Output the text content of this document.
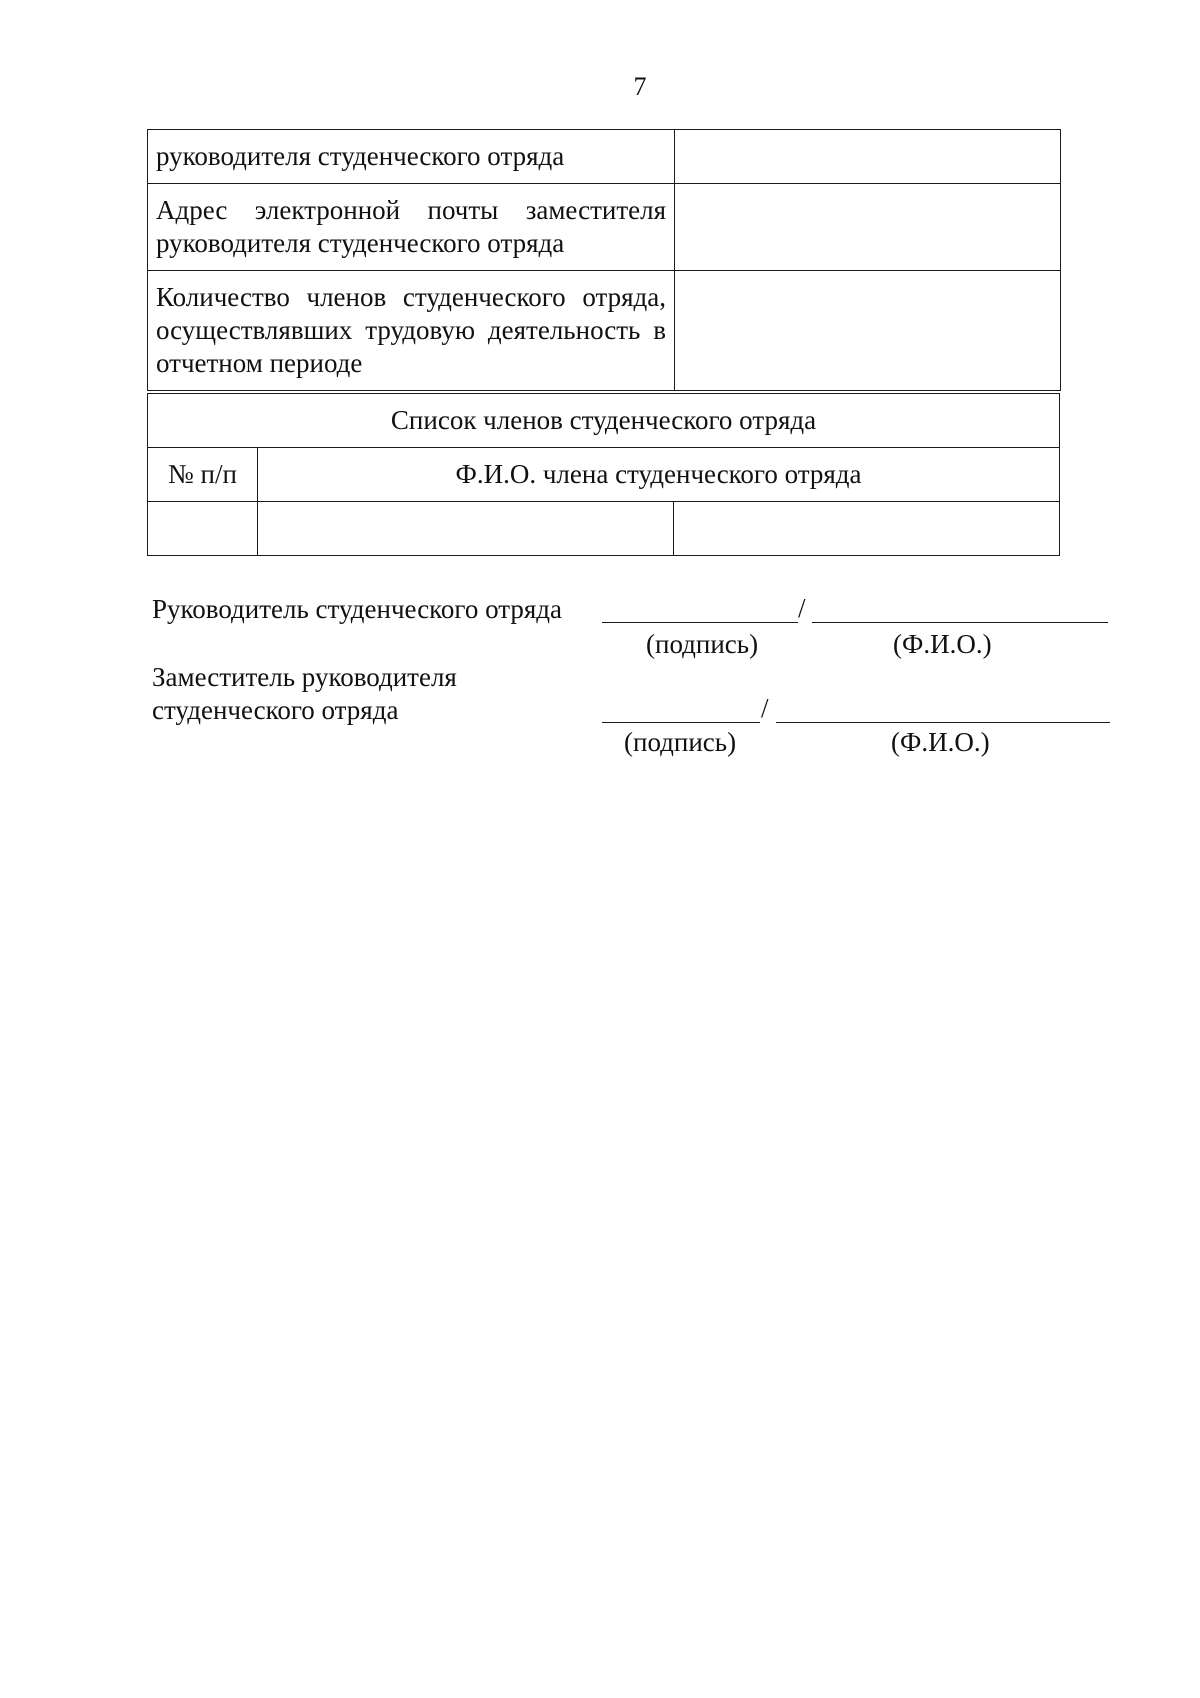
7
руководителя студенческого отряда	
Адрес электронной почты заместителя руководителя студенческого отряда	
Количество членов студенческого отряда, осуществлявших трудовую деятельность в отчетном периоде	
Список членов студенческого отряда		
№ п/п	Ф.И.О. члена студенческого отряда	

Руководитель студенческого отряда	/
(подпись)	(Ф.И.О.)
Заместитель руководителя
студенческого отряда	/
(подпись)	(Ф.И.О.)
